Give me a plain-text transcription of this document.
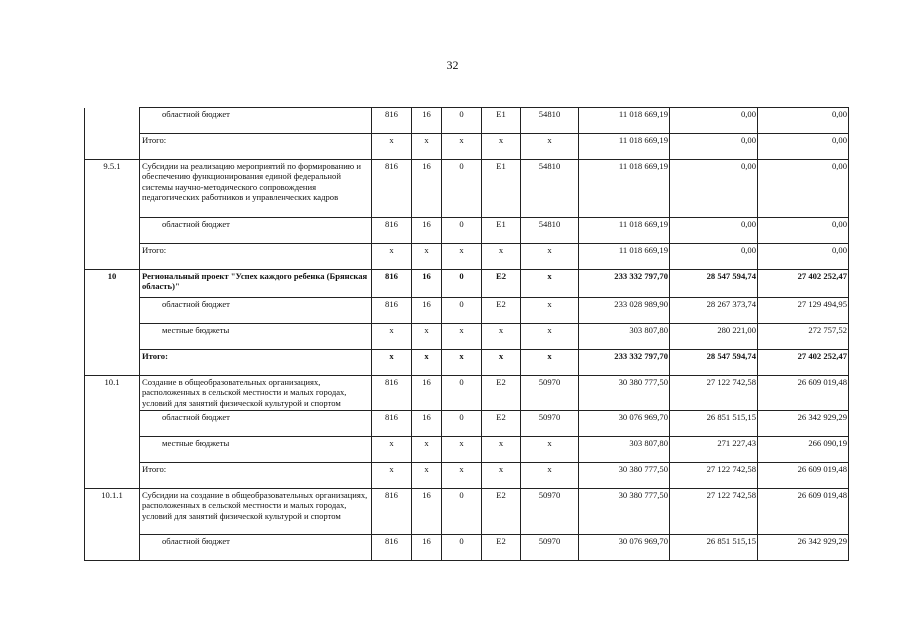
32
	областной бюджет	816	16	0	Е1	54810	11 018 669,19	0,00	0,00
	Итого:	х	х	х	х	х	11 018 669,19	0,00	0,00
9.5.1	Субсидии на реализацию мероприятий по формированию и обеспечению функционирования единой федеральной системы научно-методического сопровождения педагогических работников и управленческих кадров	816	16	0	Е1	54810	11 018 669,19	0,00	0,00
	областной бюджет	816	16	0	Е1	54810	11 018 669,19	0,00	0,00
	Итого:	х	х	х	х	х	11 018 669,19	0,00	0,00
10	Региональный проект "Успех каждого ребенка (Брянская область)"	816	16	0	Е2	х	233 332 797,70	28 547 594,74	27 402 252,47
	областной бюджет	816	16	0	Е2	х	233 028 989,90	28 267 373,74	27 129 494,95
	местные бюджеты	х	х	х	х	х	303 807,80	280 221,00	272 757,52
	Итого:	х	х	х	х	х	233 332 797,70	28 547 594,74	27 402 252,47
10.1	Создание в общеобразовательных организациях, расположенных в сельской местности и малых городах, условий для занятий физической культурой и спортом	816	16	0	Е2	50970	30 380 777,50	27 122 742,58	26 609 019,48
	областной бюджет	816	16	0	Е2	50970	30 076 969,70	26 851 515,15	26 342 929,29
	местные бюджеты	х	х	х	х	х	303 807,80	271 227,43	266 090,19
	Итого:	х	х	х	х	х	30 380 777,50	27 122 742,58	26 609 019,48
10.1.1	Субсидии на создание в общеобразовательных организациях, расположенных в сельской местности и малых городах, условий для занятий физической культурой и спортом	816	16	0	Е2	50970	30 380 777,50	27 122 742,58	26 609 019,48
	областной бюджет	816	16	0	Е2	50970	30 076 969,70	26 851 515,15	26 342 929,29
